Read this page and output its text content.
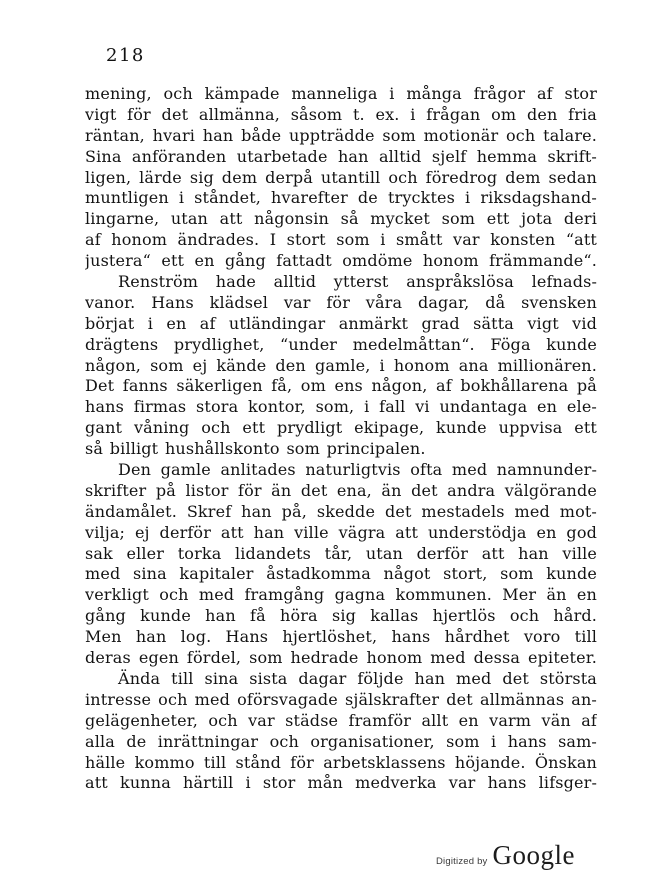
218
mening, och kämpade manneliga i många frågor af stor
vigt för det allmänna, såsom t. ex. i frågan om den fria
räntan, hvari han både uppträdde som motionär och talare.
Sina anföranden utarbetade han alltid sjelf hemma skrift-
ligen, lärde sig dem derpå utantill och föredrog dem sedan
muntligen i ståndet, hvarefter de trycktes i riksdagshand-
lingarne, utan att någonsin så mycket som ett jota deri
af honom ändrades. I stort som i smått var konsten “att
justera“ ett en gång fattadt omdöme honom främmande“.
Renström hade alltid ytterst anspråkslösa lefnads-
vanor. Hans klädsel var för våra dagar, då svensken
börjat i en af utländingar anmärkt grad sätta vigt vid
drägtens prydlighet, “under medelmåttan“. Föga kunde
någon, som ej kände den gamle, i honom ana millionären.
Det fanns säkerligen få, om ens någon, af bokhållarena på
hans firmas stora kontor, som, i fall vi undantaga en ele-
gant våning och ett prydligt ekipage, kunde uppvisa ett
så billigt hushållskonto som principalen.
Den gamle anlitades naturligtvis ofta med namnunder-
skrifter på listor för än det ena, än det andra välgörande
ändamålet. Skref han på, skedde det mestadels med mot-
vilja; ej derför att han ville vägra att understödja en god
sak eller torka lidandets tår, utan derför att han ville
med sina kapitaler åstadkomma något stort, som kunde
verkligt och med framgång gagna kommunen. Mer än en
gång kunde han få höra sig kallas hjertlös och hård.
Men han log. Hans hjertlöshet, hans hårdhet voro till
deras egen fördel, som hedrade honom med dessa epiteter.
Ända till sina sista dagar följde han med det största
intresse och med oförsvagade själskrafter det allmännas an-
gelägenheter, och var städse framför allt en varm vän af
alla de inrättningar och organisationer, som i hans sam-
hälle kommo till stånd för arbetsklassens höjande. Önskan
att kunna härtill i stor mån medverka var hans lifsger-
Digitized by Google
